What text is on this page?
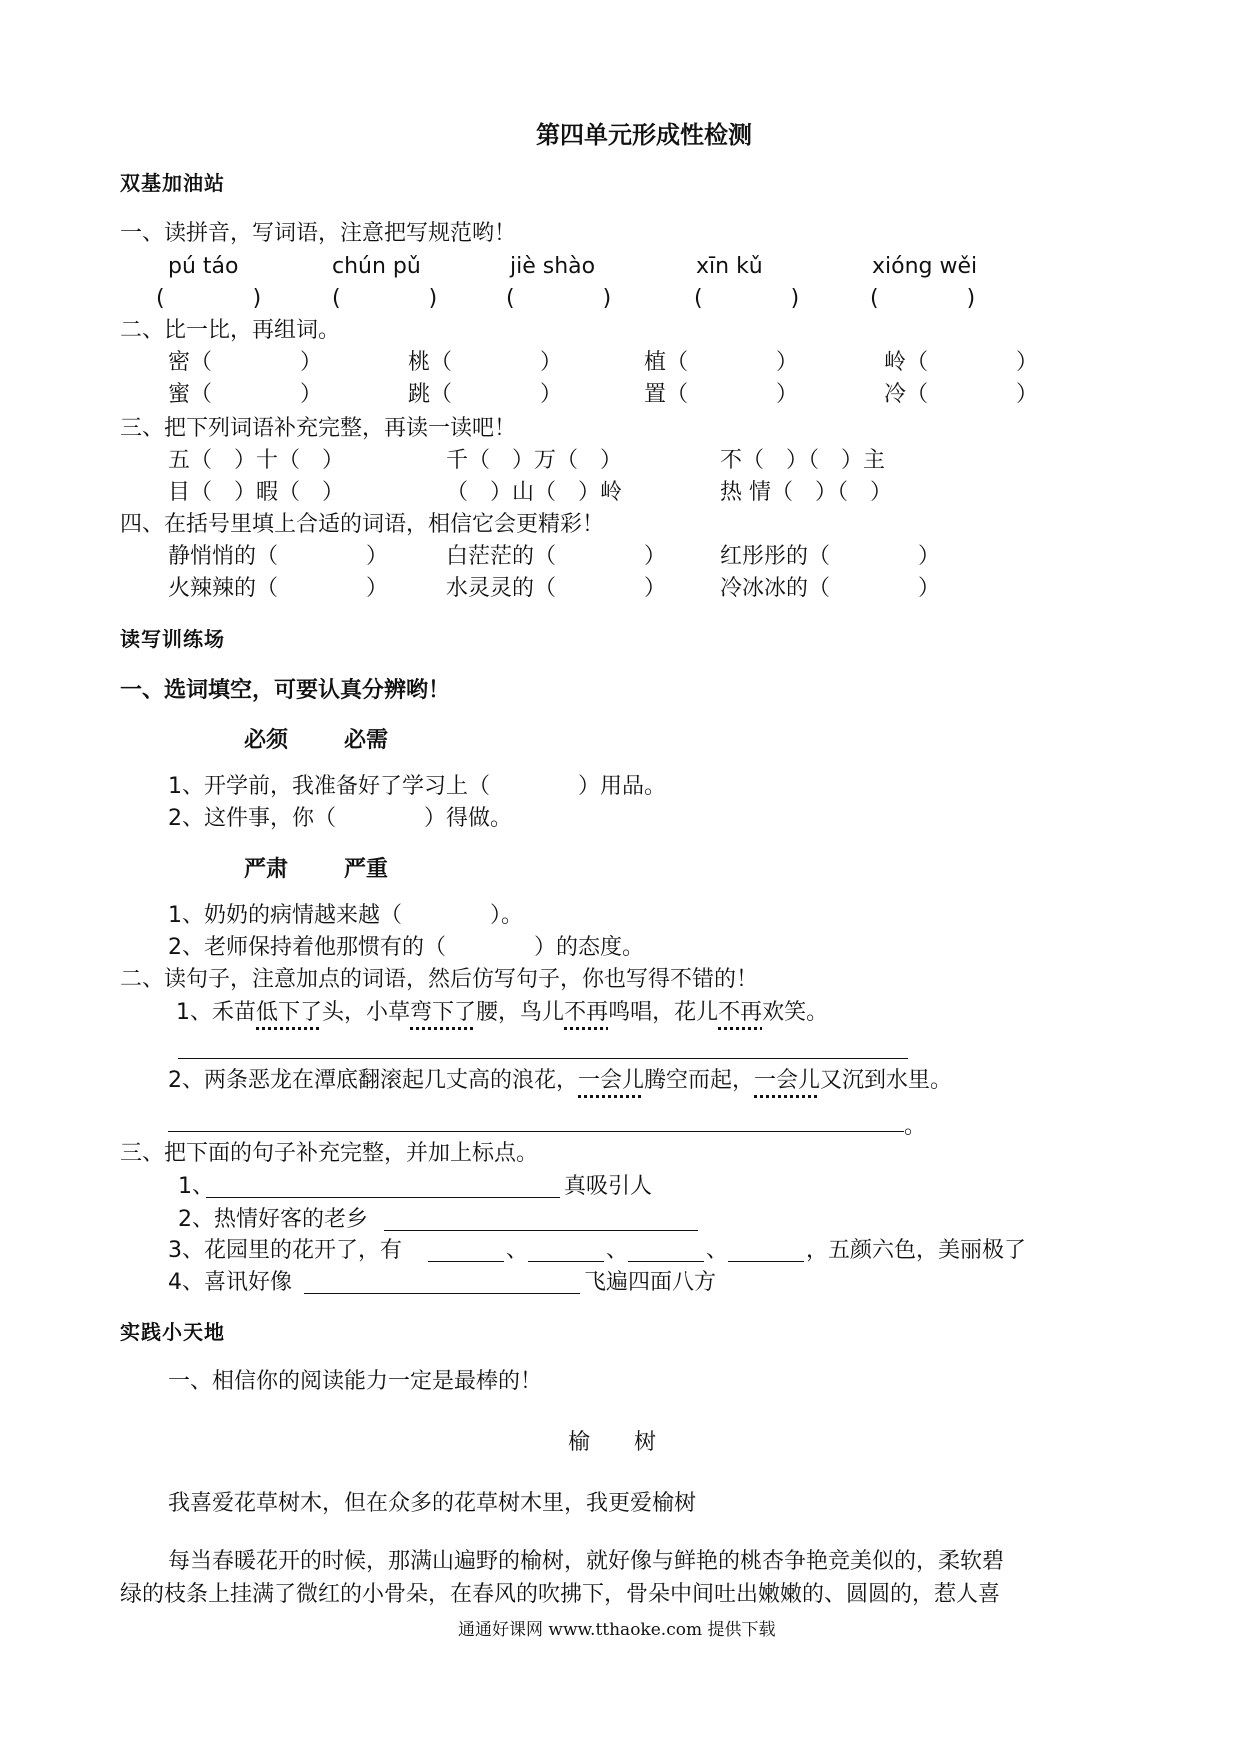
第四单元形成性检测
双基加油站
一、读拼音，写词语，注意把写规范哟！
pú táo	chún pǔ	jiè shào	xīn kǔ	xióng wěi
(　　　　)	(　　　　)	(　　　　)	(　　　　)	(　　　　)
二、比一比，再组词。
密（　　　　）	桃（　　　　）	植（　　　　）	岭（　　　　）
蜜（　　　　）	跳（　　　　）	置（　　　　）	冷（　　　　）
三、把下列词语补充完整，再读一读吧！
五（　）十（　）	千（　）万（　）	不（　）（　）主
目（　）暇（　）	（　）山（　）岭	热 情（　）（　）
四、在括号里填上合适的词语，相信它会更精彩！
静悄悄的（　　　　）	白茫茫的（　　　　） 红彤彤的（　　　　）
火辣辣的（　　　　）	水灵灵的（　　　　） 冷冰冰的（　　　　）
读写训练场
一、选词填空，可要认真分辨哟！
必须	必需
1、开学前，我准备好了学习上（　　　　）用品。
2、这件事，你（　　　　）得做。
严肃	严重
1、奶奶的病情越来越（　　　　）。
2、老师保持着他那惯有的（　　　　）的态度。
二、读句子，注意加点的词语，然后仿写句子，你也写得不错的！
1、禾苗低下了头，小草弯下了腰，鸟儿不再鸣唱，花儿不再欢笑。
2、两条恶龙在潭底翻滚起几丈高的浪花，一会儿腾空而起，一会儿又沉到水里。
。
三、把下面的句子补充完整，并加上标点。
1、	真吸引人
2、热情好客的老乡
3、花园里的花开了，有	、	、	、	，五颜六色，美丽极了
4、喜讯好像	飞遍四面八方
实践小天地
一、相信你的阅读能力一定是最棒的！
榆　　树
我喜爱花草树木，但在众多的花草树木里，我更爱榆树
每当春暖花开的时候，那满山遍野的榆树，就好像与鲜艳的桃杏争艳竞美似的，柔软碧
绿的枝条上挂满了微红的小骨朵，在春风的吹拂下，骨朵中间吐出嫩嫩的、圆圆的，惹人喜
通通好课网 www.tthaoke.com 提供下载
